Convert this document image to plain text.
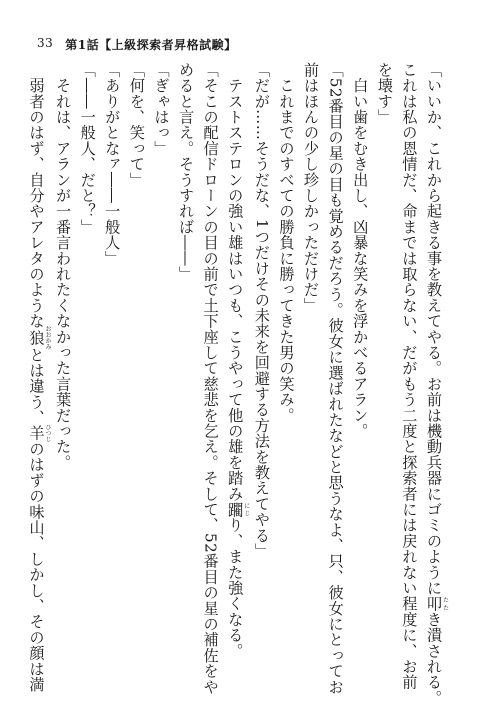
33 第1話【上級探索者昇格試験】
「いいか、これから起きる事を教えてやる。お前は機動兵器にゴミのように叩たたき潰される。
これは私の恩情だ、命までは取らない、だがもう二度と探索者には戻れない程度に、お前
を壊す」
　白い歯をむき出し、凶暴な笑みを浮かべるアラン。
「52番目の星の目も覚めるだろう。彼女に選ばれたなどと思うなよ、只、彼女にとってお
前はほんの少し珍しかっただけだ」
　これまでのすべての勝負に勝ってきた男の笑み。
「だが……そうだな、1つだけその未来を回避する方法を教えてやる」
　テストステロンの強い雄はいつも、こうやって他の雄を踏み躙にじり、また強くなる。
「そこの配信ドローンの目の前で土下座して慈悲を乞え。そして、52番目の星の補佐をや
めると言え。そうすれば――」
「ぎゃはっ」
「何を、笑って」
「ありがとなァ――一般人」
「――一般人、だと？」
　それは、アランが一番言われたくなかった言葉だった。
　弱者のはず、自分やアレタのような狼おおかみとは違う、羊ひつじのはずの味山、しかし、その顔は満
